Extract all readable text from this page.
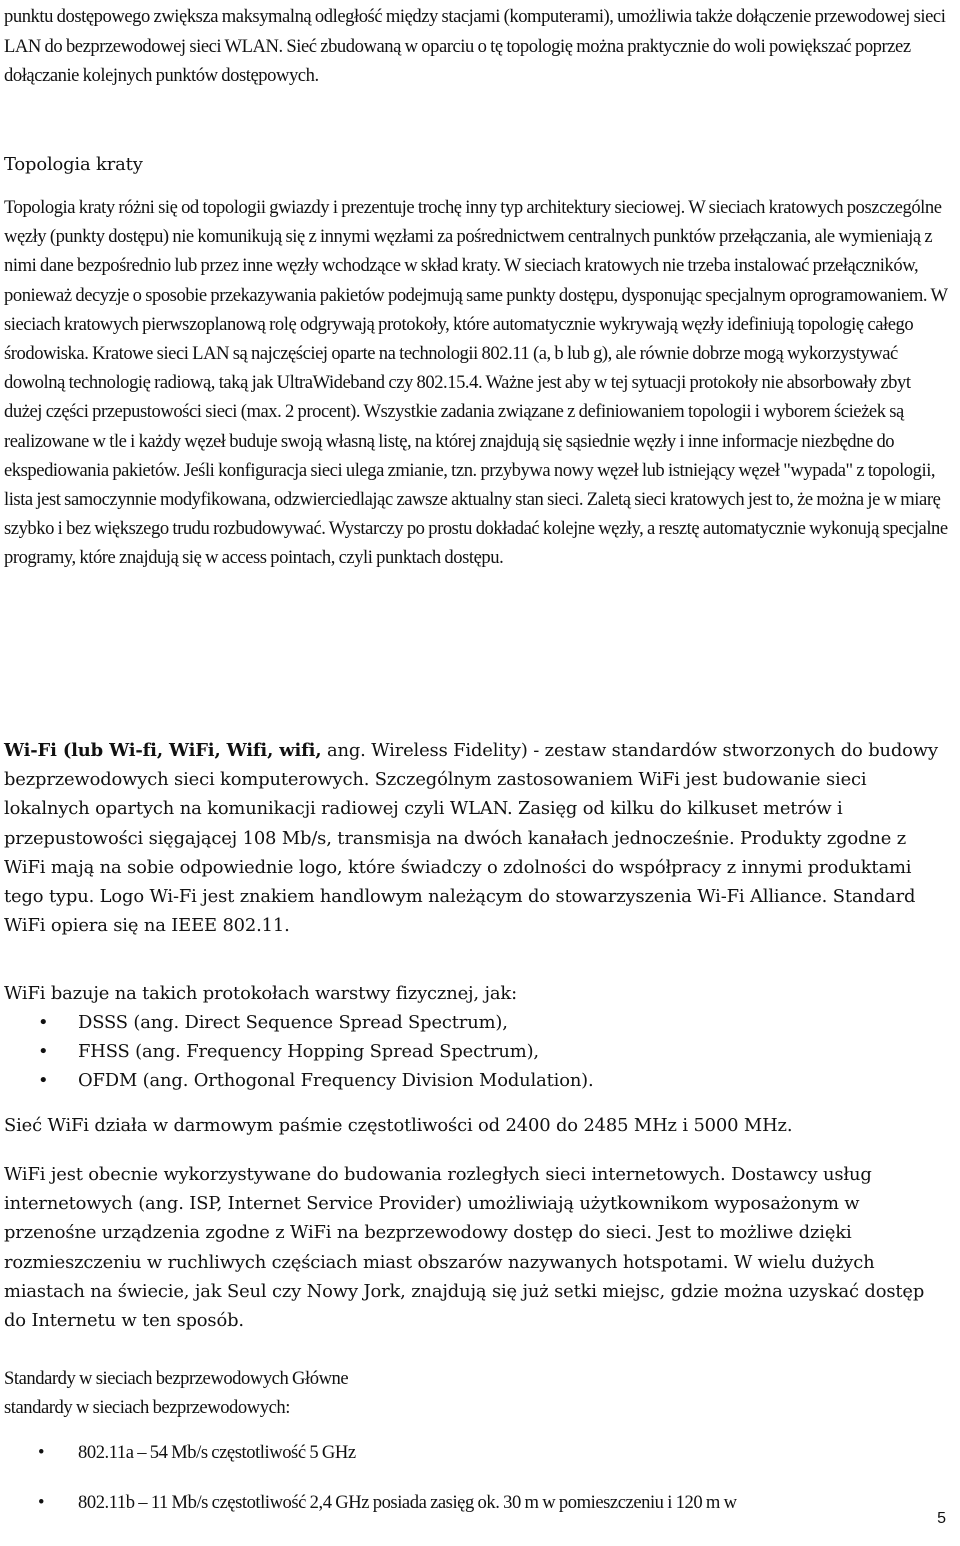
punktu dostępowego zwiększa maksymalną odległość między stacjami (komputerami), umożliwia także dołączenie przewodowej sieci LAN do bezprzewodowej sieci WLAN. Sieć zbudowaną w oparciu o tę topologię można praktycznie do woli powiększać poprzez dołączanie kolejnych punktów dostępowych.

Topologia kraty

Topologia kraty różni się od topologii gwiazdy i prezentuje trochę inny typ architektury sieciowej. W sieciach kratowych poszczególne węzły (punkty dostępu) nie komunikują się z innymi węzłami za pośrednictwem centralnych punktów przełączania, ale wymieniają z nimi dane bezpośrednio lub przez inne węzły wchodzące w skład kraty. W sieciach kratowych nie trzeba instalować przełączników, ponieważ decyzje o sposobie przekazywania pakietów podejmują same punkty dostępu, dysponując specjalnym oprogramowaniem. W sieciach kratowych pierwszoplanową rolę odgrywają protokoły, które automatycznie wykrywają węzły idefiniują topologię całego środowiska. Kratowe sieci LAN są najczęściej oparte na technologii 802.11 (a, b lub g), ale równie dobrze mogą wykorzystywać dowolną technologię radiową, taką jak UltraWideband czy 802.15.4. Ważne jest aby w tej sytuacji protokoły nie absorbowały zbyt dużej części przepustowości sieci (max. 2 procent). Wszystkie zadania związane z definiowaniem topologii i wyborem ścieżek są realizowane w tle i każdy węzeł buduje swoją własną listę, na której znajdują się sąsiednie węzły i inne informacje niezbędne do ekspediowania pakietów. Jeśli konfiguracja sieci ulega zmianie, tzn. przybywa nowy węzeł lub istniejący węzeł "wypada" z topologii, lista jest samoczynnie modyfikowana, odzwierciedlając zawsze aktualny stan sieci. Zaletą sieci kratowych jest to, że można je w miarę szybko i bez większego trudu rozbudowywać. Wystarczy po prostu dokładać kolejne węzły, a resztę automatycznie wykonują specjalne programy, które znajdują się w access pointach, czyli punktach dostępu.

Wi-Fi (lub Wi-fi, WiFi, Wifi, wifi, ang. Wireless Fidelity) - zestaw standardów stworzonych do budowy bezprzewodowych sieci komputerowych. Szczególnym zastosowaniem WiFi jest budowanie sieci lokalnych opartych na komunikacji radiowej czyli WLAN. Zasięg od kilku do kilkuset metrów i przepustowości sięgającej 108 Mb/s, transmisja na dwóch kanałach jednocześnie. Produkty zgodne z WiFi mają na sobie odpowiednie logo, które świadczy o zdolności do współpracy z innymi produktami tego typu. Logo Wi-Fi jest znakiem handlowym należącym do stowarzyszenia Wi-Fi Alliance. Standard WiFi opiera się na IEEE 802.11.

WiFi bazuje na takich protokołach warstwy fizycznej, jak:

• DSSS (ang. Direct Sequence Spread Spectrum),
• FHSS (ang. Frequency Hopping Spread Spectrum),
• OFDM (ang. Orthogonal Frequency Division Modulation).

Sieć WiFi działa w darmowym paśmie częstotliwości od 2400 do 2485 MHz i 5000 MHz.

WiFi jest obecnie wykorzystywane do budowania rozległych sieci internetowych. Dostawcy usług internetowych (ang. ISP, Internet Service Provider) umożliwiają użytkownikom wyposażonym w przenośne urządzenia zgodne z WiFi na bezprzewodowy dostęp do sieci. Jest to możliwe dzięki rozmieszczeniu w ruchliwych częściach miast obszarów nazywanych hotspotami. W wielu dużych miastach na świecie, jak Seul czy Nowy Jork, znajdują się już setki miejsc, gdzie można uzyskać dostęp do Internetu w ten sposób.

Standardy w sieciach bezprzewodowych Główne
standardy w sieciach bezprzewodowych:
• 802.11a – 54 Mb/s częstotliwość 5 GHz
• 802.11b – 11 Mb/s częstotliwość 2,4 GHz posiada zasięg ok. 30 m w pomieszczeniu i 120 m w
5
